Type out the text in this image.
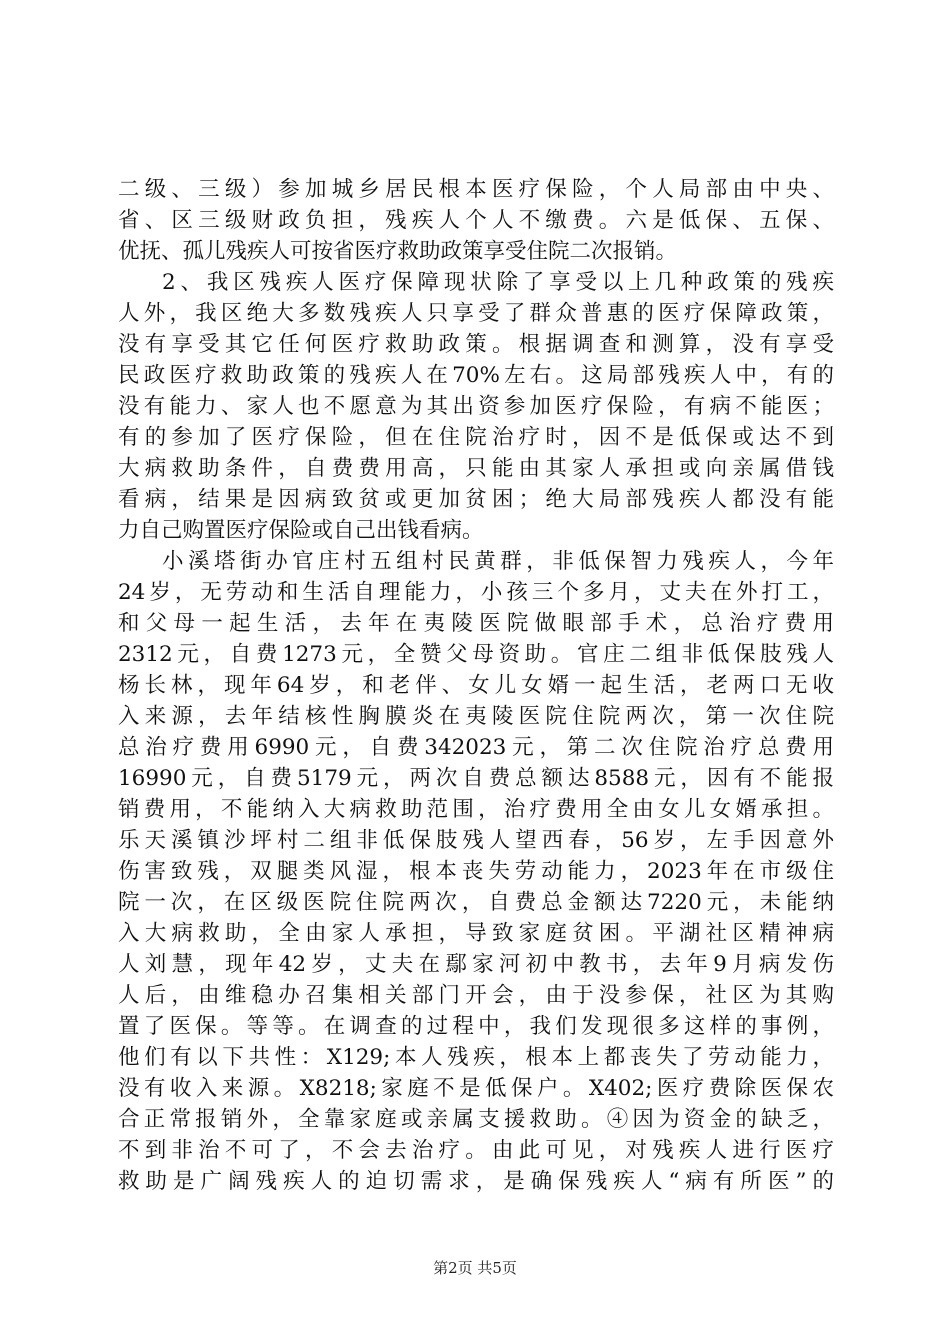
二级、三级）参加城乡居民根本医疗保险，个人局部由中央、
省、区三级财政负担，残疾人个人不缴费。六是低保、五保、
优抚、孤儿残疾人可按省医疗救助政策享受住院二次报销。
2、我区残疾人医疗保障现状除了享受以上几种政策的残疾
人外，我区绝大多数残疾人只享受了群众普惠的医疗保障政策，
没有享受其它任何医疗救助政策。根据调查和测算，没有享受
民政医疗救助政策的残疾人在70%左右。这局部残疾人中，有的
没有能力、家人也不愿意为其出资参加医疗保险，有病不能医；
有的参加了医疗保险，但在住院治疗时，因不是低保或达不到
大病救助条件，自费费用高，只能由其家人承担或向亲属借钱
看病，结果是因病致贫或更加贫困；绝大局部残疾人都没有能
力自己购置医疗保险或自己出钱看病。
小溪塔街办官庄村五组村民黄群，非低保智力残疾人，今年
24岁，无劳动和生活自理能力，小孩三个多月，丈夫在外打工，
和父母一起生活，去年在夷陵医院做眼部手术，总治疗费用
2312元，自费1273元，全赞父母资助。官庄二组非低保肢残人
杨长林，现年64岁，和老伴、女儿女婿一起生活，老两口无收
入来源，去年结核性胸膜炎在夷陵医院住院两次，第一次住院
总治疗费用6990元，自费342023元，第二次住院治疗总费用
16990元，自费5179元，两次自费总额达8588元，因有不能报
销费用，不能纳入大病救助范围，治疗费用全由女儿女婿承担。
乐天溪镇沙坪村二组非低保肢残人望西春，56岁，左手因意外
伤害致残，双腿类风湿，根本丧失劳动能力，2023年在市级住
院一次，在区级医院住院两次，自费总金额达7220元，未能纳
入大病救助，全由家人承担，导致家庭贫困。平湖社区精神病
人刘慧，现年42岁，丈夫在鄢家河初中教书，去年9月病发伤
人后，由维稳办召集相关部门开会，由于没参保，社区为其购
置了医保。等等。在调查的过程中，我们发现很多这样的事例，
他们有以下共性：X129;本人残疾，根本上都丧失了劳动能力，
没有收入来源。X8218;家庭不是低保户。X402;医疗费除医保农
合正常报销外，全靠家庭或亲属支援救助。④因为资金的缺乏，
不到非治不可了，不会去治疗。由此可见，对残疾人进行医疗
救助是广阔残疾人的迫切需求，是确保残疾人“病有所医”的
第2页 共5页
